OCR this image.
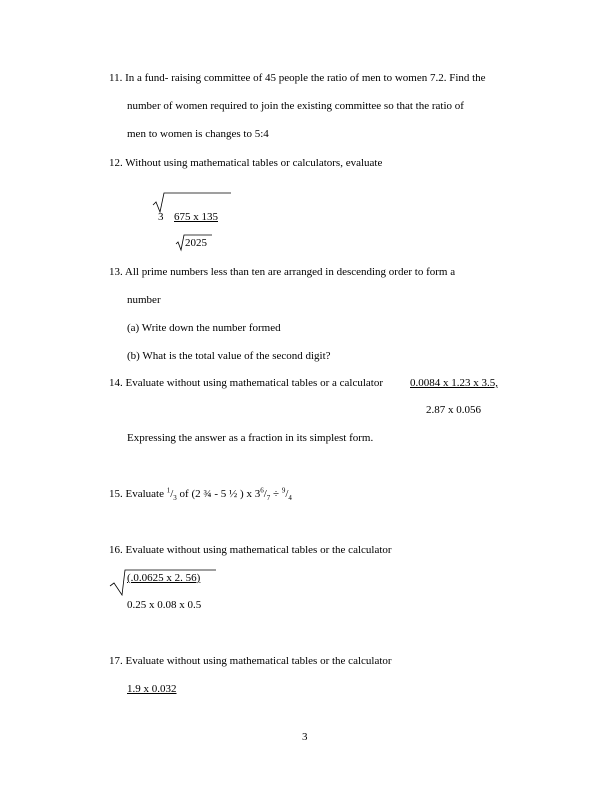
11. In a fund- raising committee of 45 people the ratio of men to women 7.2. Find the
number of women required to join the existing committee so that the ratio of
men to women is changes to 5:4
12. Without using mathematical tables or calculators, evaluate
3 675 x 135
2025
13. All prime numbers less than ten are arranged in descending order to form a
number
(a) Write down the number formed
(b) What is the total value of the second digit?
14. Evaluate without using mathematical tables or a calculator 0.0084 x 1.23 x 3.5,
2.87 x 0.056
Expressing the answer as a fraction in its simplest form.
15. Evaluate $^1/_3$ of (2 ¾ - 5 ½ ) x $3^6/_7 \div ^9/_4$
16. Evaluate without using mathematical tables or the calculator
(.0.0625 x 2. 56)
0.25 x 0.08 x 0.5
17. Evaluate without using mathematical tables or the calculator
1.9 x 0.032
3
